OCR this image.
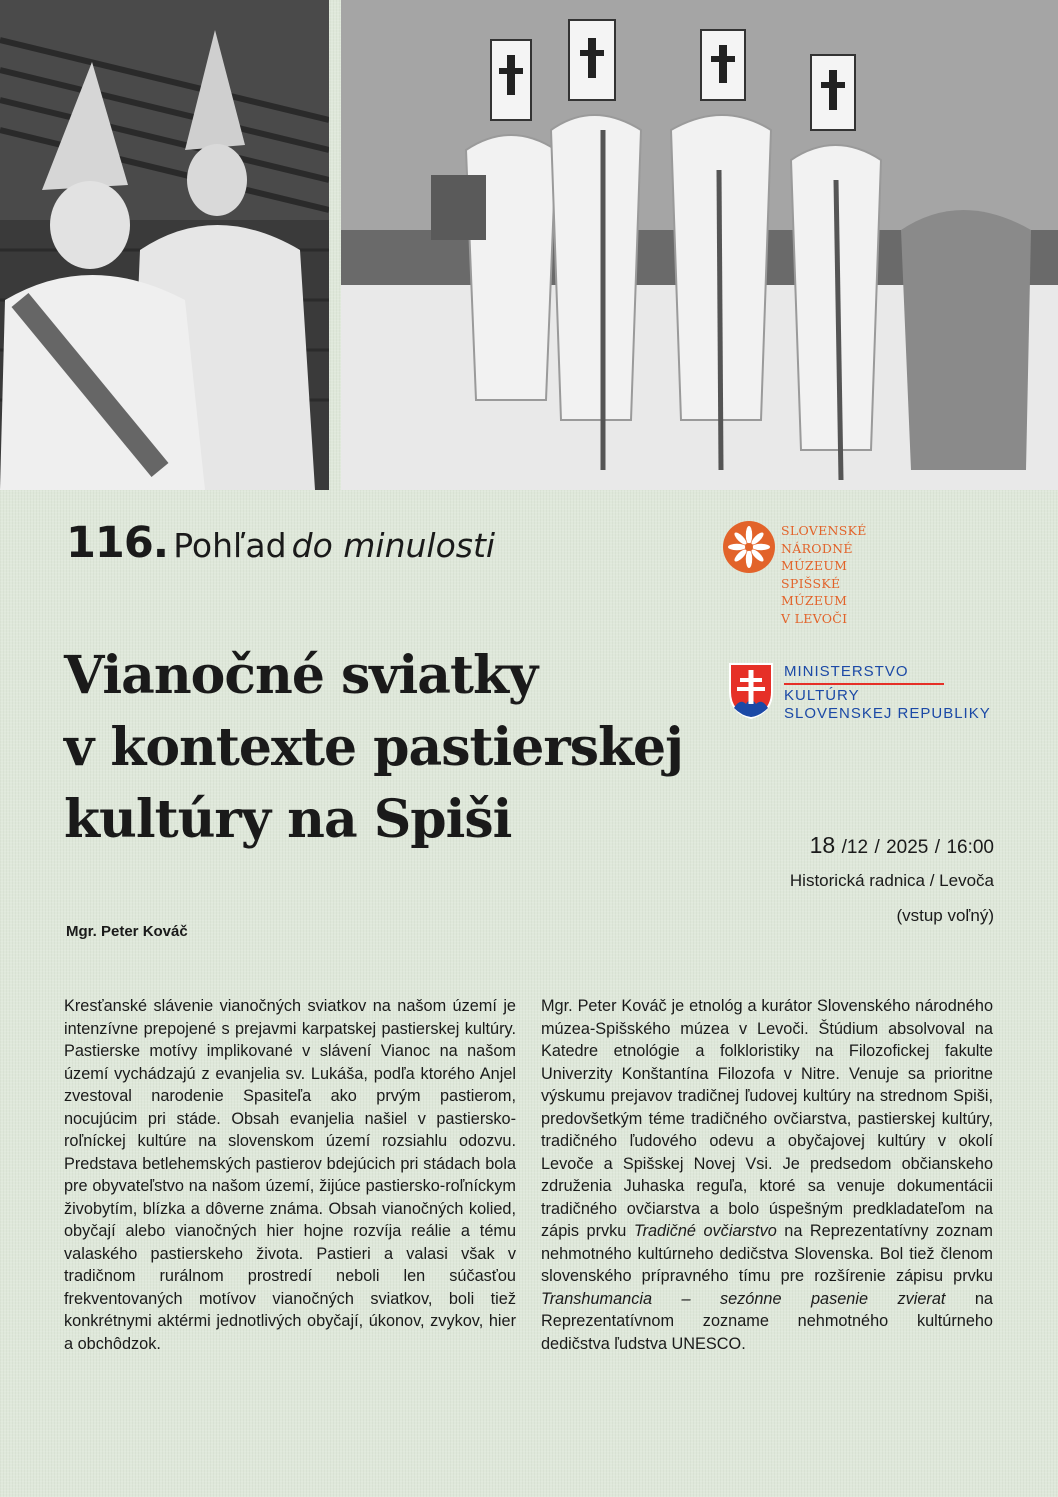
116. Pohľad do minulosti
Vianočné sviatky
v kontexte pastierskej
kultúry na Spiši
Mgr. Peter Kováč
SLOVENSKÉ
NÁRODNÉ
MÚZEUM
SPIŠSKÉ
MÚZEUM
V LEVOČI
MINISTERSTVO
KULTÚRY
SLOVENSKEJ REPUBLIKY
18 /12 / 2025 / 16:00
Historická radnica / Levoča
(vstup voľný)

Kresťanské slávenie vianočných sviatkov na našom území je intenzívne prepojené s prejavmi karpatskej pastierskej kultúry. Pastierske motívy implikované v slávení Vianoc na našom území vychádzajú z evanjelia sv. Lukáša, podľa ktorého Anjel zvestoval narodenie Spasiteľa ako prvým pastierom, nocujúcim pri stáde. Obsah evanjelia našiel v pastiersko-roľníckej kultúre na slovenskom území rozsiahlu odozvu. Predstava betlehemských pastierov bdejúcich pri stádach bola pre obyvateľstvo na našom území, žijúce pastiersko-roľníckym živobytím, blízka a dôverne známa. Obsah vianočných kolied, obyčají alebo vianočných hier hojne rozvíja reálie a tému valaského pastierskeho života. Pastieri a valasi však v tradičnom rurálnom prostredí neboli len súčasťou frekventovaných motívov vianočných sviatkov, boli tiež konkrétnymi aktérmi jednotlivých obyčají, úkonov, zvykov, hier a obchôdzok.

Mgr. Peter Kováč je etnológ a kurátor Slovenského národného múzea-Spišského múzea v Levoči. Štúdium absolvoval na Katedre etnológie a folkloristiky na Filozofickej fakulte Univerzity Konštantína Filozofa v Nitre. Venuje sa prioritne výskumu prejavov tradičnej ľudovej kultúry na strednom Spiši, predovšetkým téme tradičného ovčiarstva, pastierskej kultúry, tradičného ľudového odevu a obyčajovej kultúry v okolí Levoče a Spišskej Novej Vsi. Je predsedom občianskeho združenia Juhaska reguľa, ktoré sa venuje dokumentácii tradičného ovčiarstva a bolo úspešným predkladateľom na zápis prvku Tradičné ovčiarstvo na Reprezentatívny zoznam nehmotného kultúrneho dedičstva Slovenska. Bol tiež členom slovenského prípravného tímu pre rozšírenie zápisu prvku Transhumancia – sezónne pasenie zvierat na Reprezentatívnom zozname nehmotného kultúrneho dedičstva ľudstva UNESCO.
